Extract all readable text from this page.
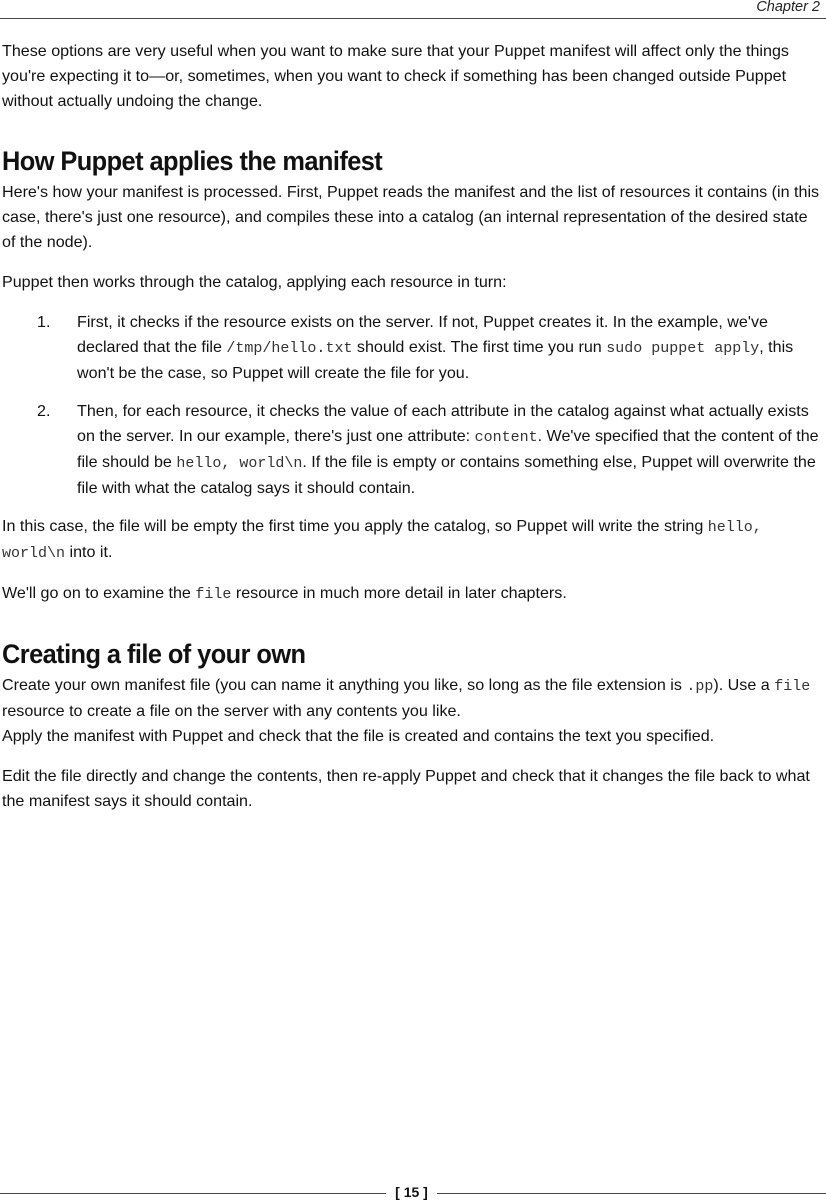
Chapter 2

These options are very useful when you want to make sure that your Puppet manifest will affect only the things you're expecting it to—or, sometimes, when you want to check if something has been changed outside Puppet without actually undoing the change.

How Puppet applies the manifest

Here's how your manifest is processed. First, Puppet reads the manifest and the list of resources it contains (in this case, there's just one resource), and compiles these into a catalog (an internal representation of the desired state of the node).

Puppet then works through the catalog, applying each resource in turn:

1. First, it checks if the resource exists on the server. If not, Puppet creates it. In the example, we've declared that the file /tmp/hello.txt should exist. The first time you run sudo puppet apply, this won't be the case, so Puppet will create the file for you.
2. Then, for each resource, it checks the value of each attribute in the catalog against what actually exists on the server. In our example, there's just one attribute: content. We've specified that the content of the file should be hello, world\n. If the file is empty or contains something else, Puppet will overwrite the file with what the catalog says it should contain.

In this case, the file will be empty the first time you apply the catalog, so Puppet will write the string hello, world\n into it.

We'll go on to examine the file resource in much more detail in later chapters.

Creating a file of your own

Create your own manifest file (you can name it anything you like, so long as the file extension is .pp). Use a file resource to create a file on the server with any contents you like.
Apply the manifest with Puppet and check that the file is created and contains the text you specified.

Edit the file directly and change the contents, then re-apply Puppet and check that it changes the file back to what the manifest says it should contain.

[ 15 ]
